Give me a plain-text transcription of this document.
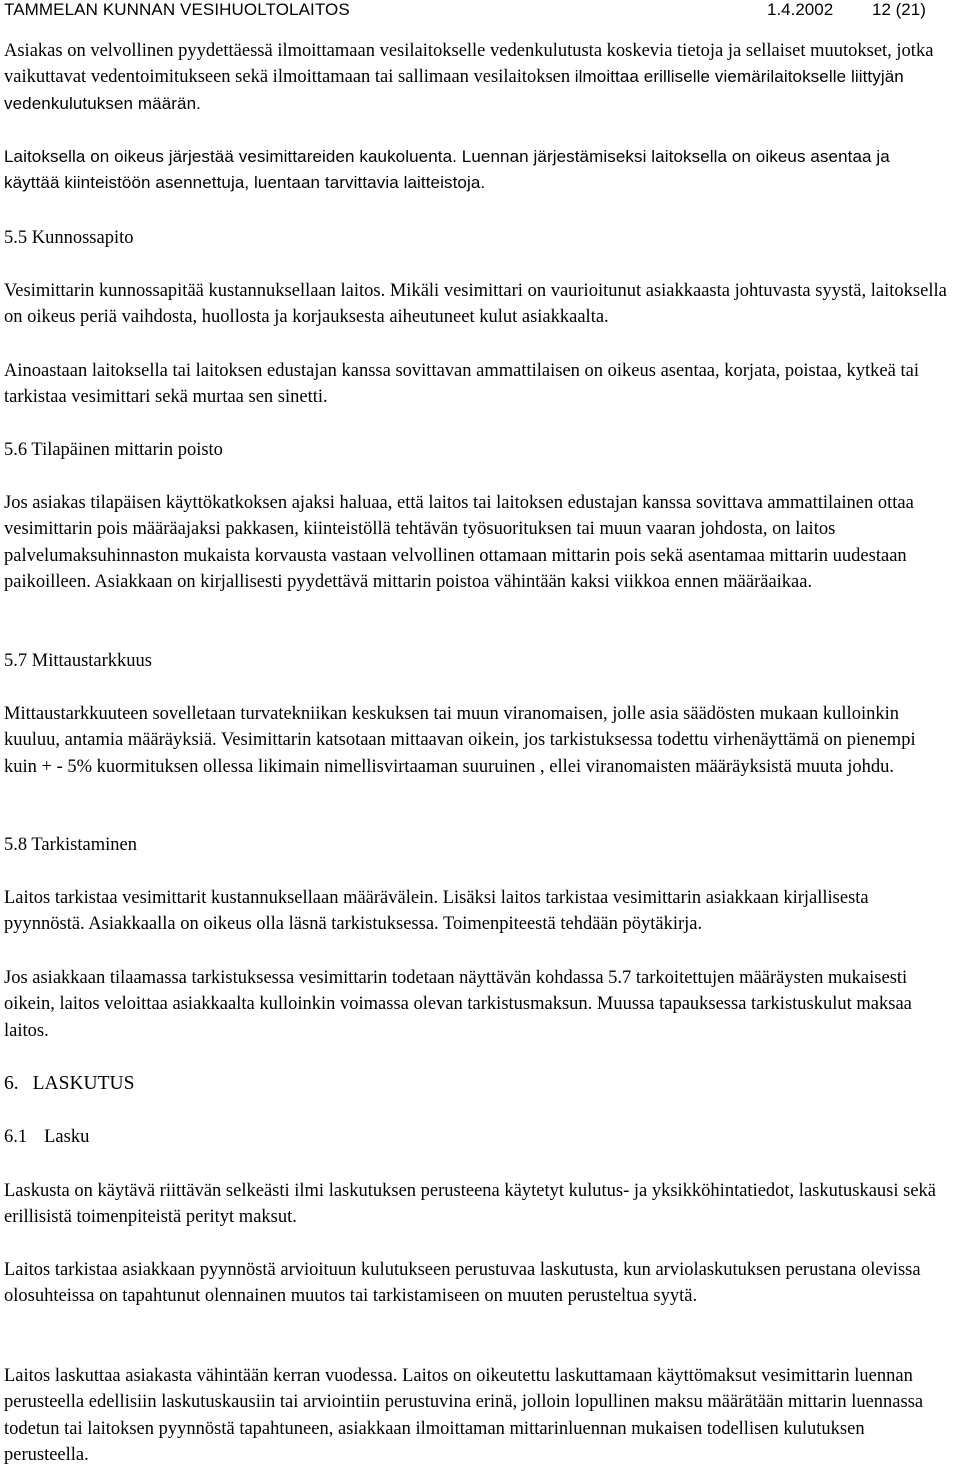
TAMMELAN KUNNAN VESIHUOLTOLAITOS	1.4.2002 12 (21)
Asiakas on velvollinen pyydettäessä ilmoittamaan vesilaitokselle vedenkulutusta koskevia tietoja ja sellaiset muutokset, jotka vaikuttavat vedentoimitukseen sekä ilmoittamaan tai sallimaan vesilaitoksen ilmoittaa erilliselle viemärilaitokselle liittyjän vedenkulutuksen määrän.
Laitoksella on oikeus järjestää vesimittareiden kaukoluenta. Luennan järjestämiseksi laitoksella on oikeus asentaa ja käyttää kiinteistöön asennettuja, luentaan tarvittavia laitteistoja.
5.5 Kunnossapito
Vesimittarin kunnossapitää kustannuksellaan laitos. Mikäli vesimittari on vaurioitunut asiakkaasta johtuvasta syystä, laitoksella on oikeus periä vaihdosta, huollosta ja korjauksesta aiheutuneet kulut asiakkaalta.
Ainoastaan laitoksella tai laitoksen edustajan kanssa sovittavan ammattilaisen on oikeus asentaa, korjata, poistaa, kytkeä tai tarkistaa vesimittari sekä murtaa sen sinetti.
5.6 Tilapäinen mittarin poisto
Jos asiakas tilapäisen käyttökatkoksen ajaksi haluaa, että laitos tai laitoksen edustajan kanssa sovittava ammattilainen ottaa vesimittarin pois määräajaksi pakkasen, kiinteistöllä tehtävän työsuorituksen tai muun vaaran johdosta, on laitos palvelumaksuhinnaston mukaista korvausta vastaan velvollinen ottamaan mittarin pois sekä asentamaa mittarin uudestaan paikoilleen. Asiakkaan on kirjallisesti pyydettävä mittarin poistoa vähintään kaksi viikkoa ennen määräaikaa.
5.7 Mittaustarkkuus
Mittaustarkkuuteen sovelletaan turvatekniikan keskuksen tai muun viranomaisen, jolle asia säädösten mukaan kulloinkin kuuluu, antamia määräyksiä. Vesimittarin katsotaan mittaavan oikein, jos tarkistuksessa todettu virhenäyttämä on pienempi kuin + - 5% kuormituksen ollessa likimain nimellisvirtaaman suuruinen , ellei viranomaisten määräyksistä muuta johdu.
5.8 Tarkistaminen
Laitos tarkistaa vesimittarit kustannuksellaan määrävälein. Lisäksi laitos tarkistaa vesimittarin asiakkaan kirjallisesta pyynnöstä. Asiakkaalla on oikeus olla läsnä tarkistuksessa. Toimenpiteestä tehdään pöytäkirja.
Jos asiakkaan tilaamassa tarkistuksessa vesimittarin todetaan näyttävän kohdassa 5.7 tarkoitettujen määräysten mukaisesti oikein, laitos veloittaa asiakkaalta kulloinkin voimassa olevan tarkistusmaksun. Muussa tapauksessa tarkistuskulut maksaa laitos.
6. LASKUTUS
6.1 Lasku
Laskusta on käytävä riittävän selkeästi ilmi laskutuksen perusteena käytetyt kulutus- ja yksikköhintatiedot, laskutuskausi sekä erillisistä toimenpiteistä perityt maksut.
Laitos tarkistaa asiakkaan pyynnöstä arvioituun kulutukseen perustuvaa laskutusta, kun arviolaskutuksen perustana olevissa olosuhteissa on tapahtunut olennainen muutos tai tarkistamiseen on muuten perusteltua syytä.
Laitos laskuttaa asiakasta vähintään kerran vuodessa. Laitos on oikeutettu laskuttamaan käyttömaksut vesimittarin luennan perusteella edellisiin laskutuskausiin tai arviointiin perustuvina erinä, jolloin lopullinen maksu määrätään mittarin luennassa todetun tai laitoksen pyynnöstä tapahtuneen, asiakkaan ilmoittaman mittarinluennan mukaisen todellisen kulutuksen perusteella.
